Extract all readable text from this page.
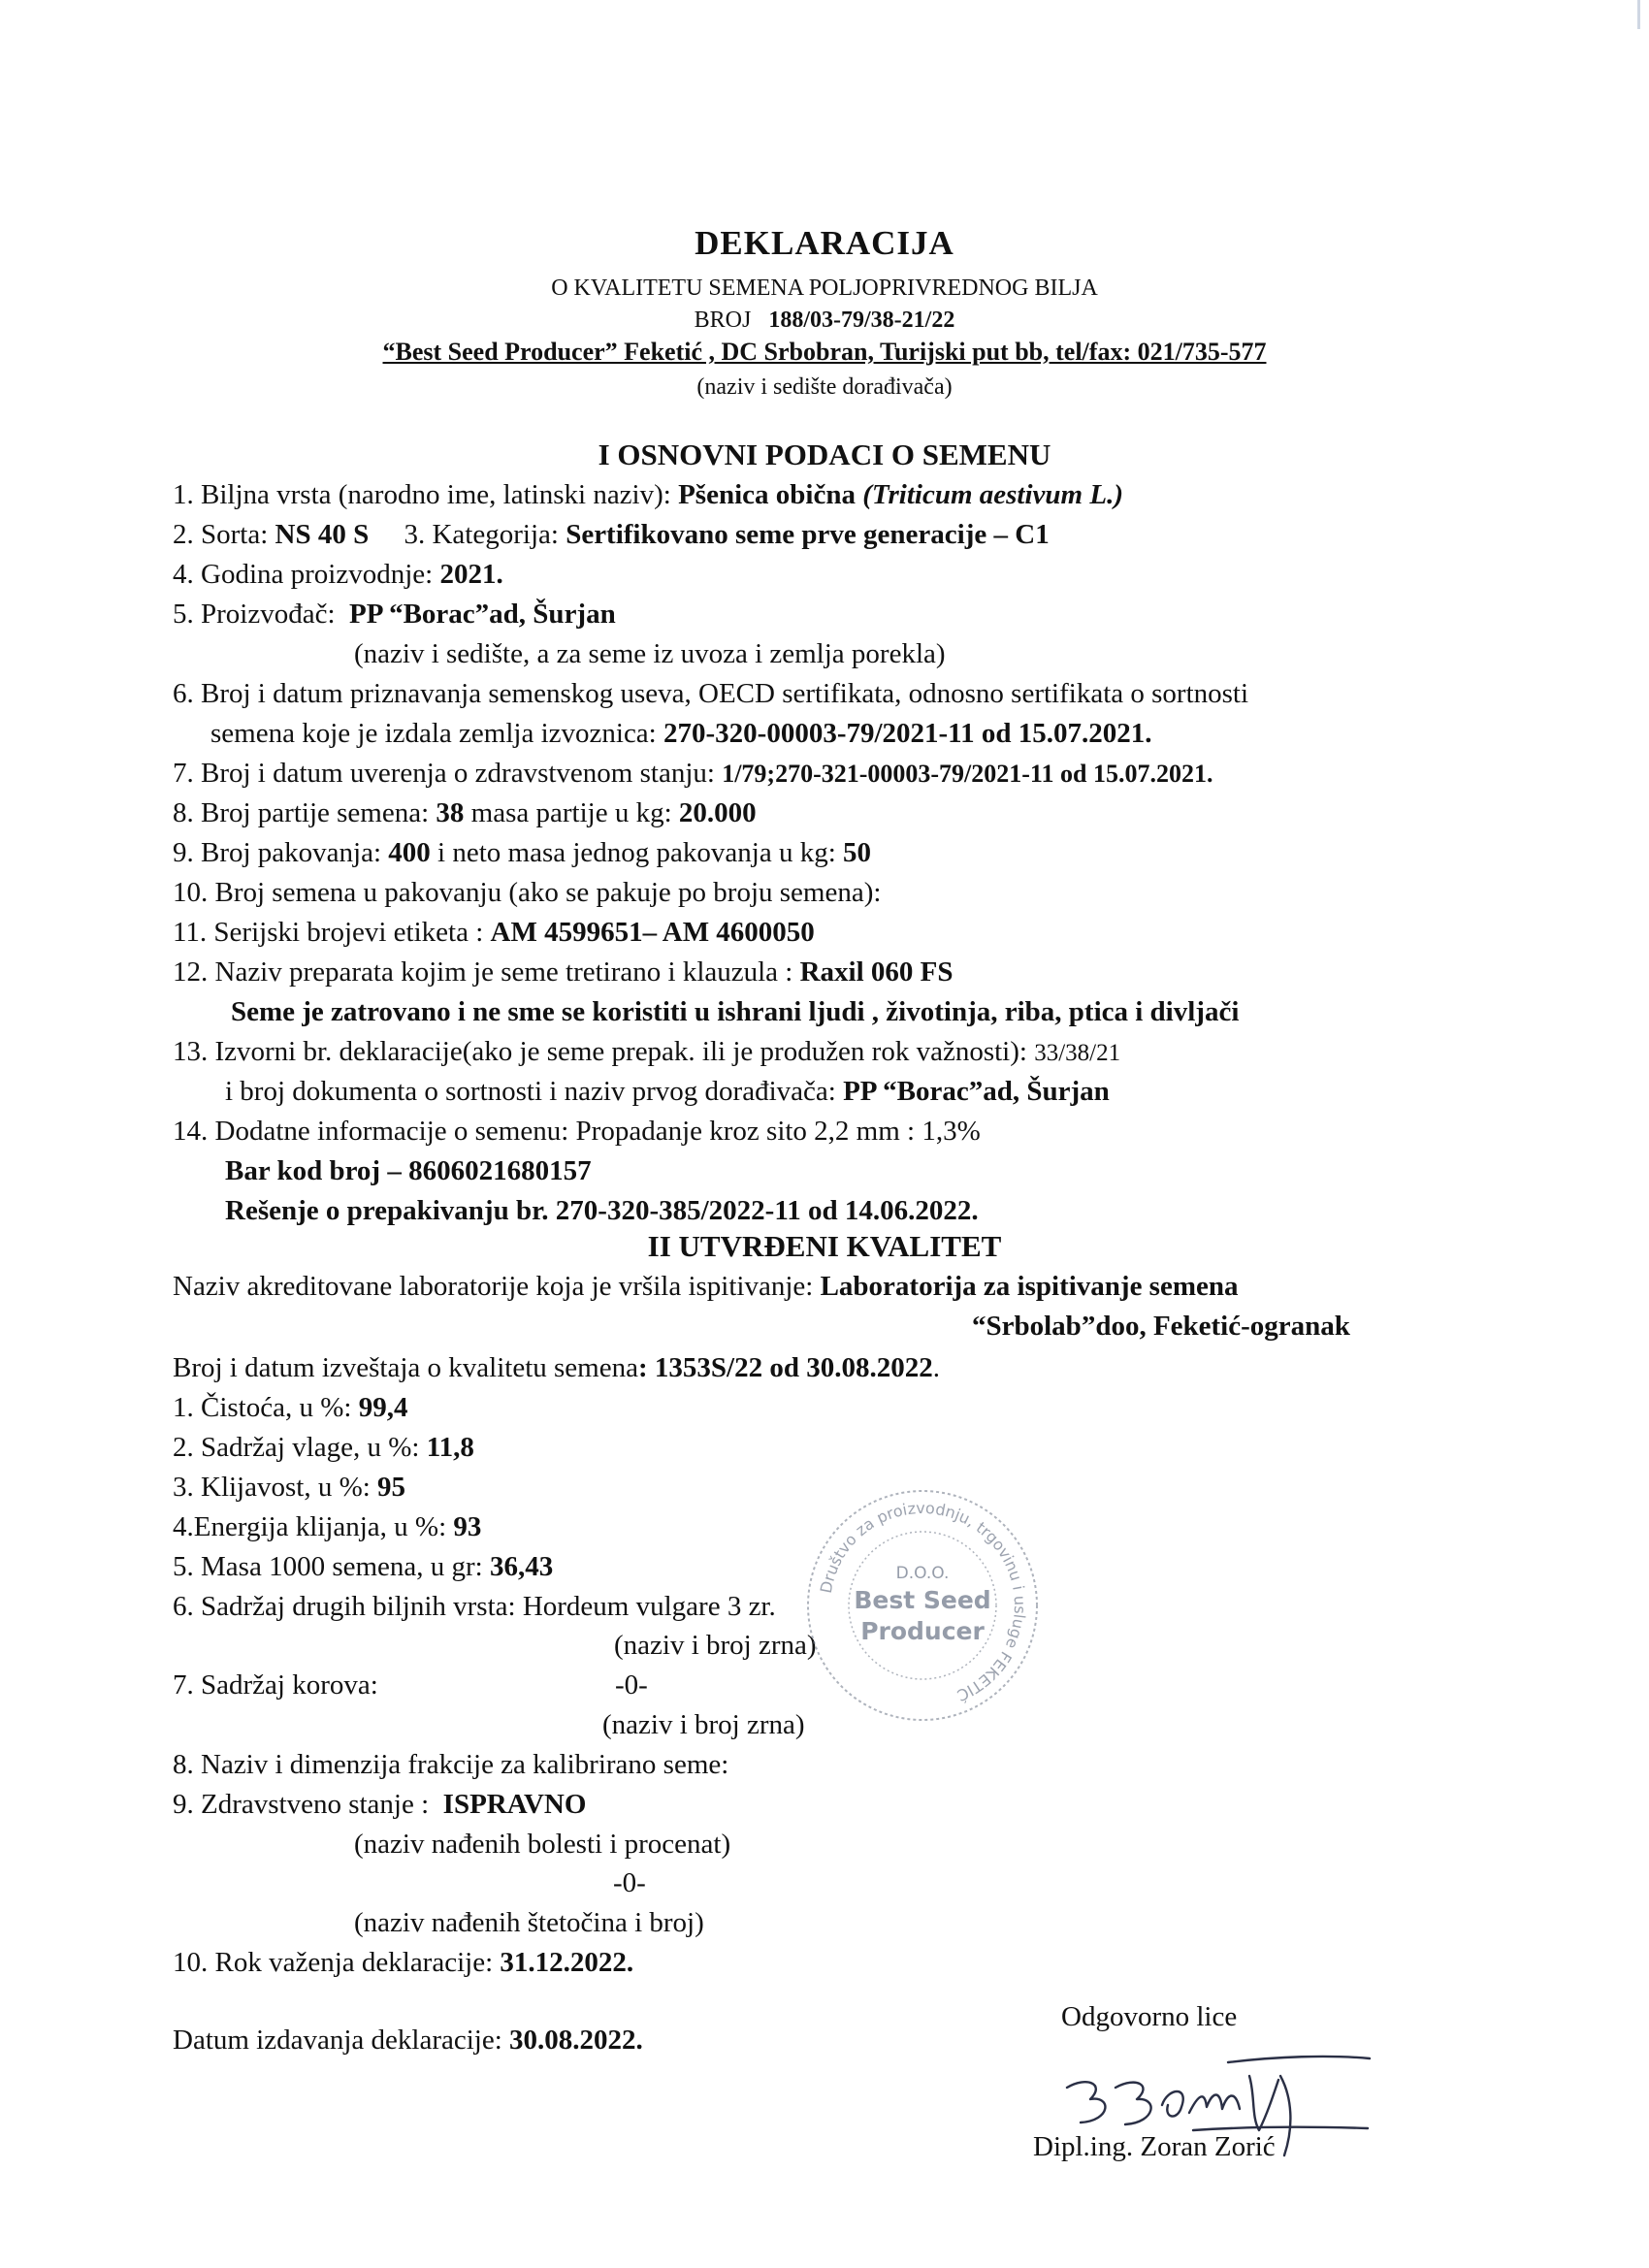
DEKLARACIJA
O KVALITETU SEMENA POLJOPRIVREDNOG BILJA
BROJ 188/03-79/38-21/22
“Best Seed Producer” Feketić , DC Srbobran, Turijski put bb, tel/fax: 021/735-577
(naziv i sedište dorađivača)
I OSNOVNI PODACI O SEMENU
1. Biljna vrsta (narodno ime, latinski naziv): Pšenica obična (Triticum aestivum L.)
2. Sorta: NS 40 S 3. Kategorija: Sertifikovano seme prve generacije – C1
4. Godina proizvodnje: 2021.
5. Proizvođač:  PP “Borac”ad, Šurjan
(naziv i sedište, a za seme iz uvoza i zemlja porekla)
6. Broj i datum priznavanja semenskog useva, OECD sertifikata, odnosno sertifikata o sortnosti
semena koje je izdala zemlja izvoznica: 270-320-00003-79/2021-11 od 15.07.2021.
7. Broj i datum uverenja o zdravstvenom stanju: 1/79;270-321-00003-79/2021-11 od 15.07.2021.
8. Broj partije semena: 38 masa partije u kg: 20.000
9. Broj pakovanja: 400 i neto masa jednog pakovanja u kg: 50
10. Broj semena u pakovanju (ako se pakuje po broju semena):
11. Serijski brojevi etiketa : AM 4599651– AM 4600050
12. Naziv preparata kojim je seme tretirano i klauzula : Raxil 060 FS
Seme je zatrovano i ne sme se koristiti u ishrani ljudi , životinja, riba, ptica i divljači
13. Izvorni br. deklaracije(ako je seme prepak. ili je produžen rok važnosti): 33/38/21
i broj dokumenta o sortnosti i naziv prvog dorađivača: PP “Borac”ad, Šurjan
14. Dodatne informacije o semenu: Propadanje kroz sito 2,2 mm : 1,3%
Bar kod broj – 8606021680157
Rešenje o prepakivanju br. 270-320-385/2022-11 od 14.06.2022.
II UTVRĐENI KVALITET
Naziv akreditovane laboratorije koja je vršila ispitivanje: Laboratorija za ispitivanje semena
“Srbolab”doo, Feketić-ogranak
Broj i datum izveštaja o kvalitetu semena: 1353S/22 od 30.08.2022.
1. Čistoća, u %: 99,4
2. Sadržaj vlage, u %: 11,8
3. Klijavost, u %: 95
4.Energija klijanja, u %: 93
5. Masa 1000 semena, u gr: 36,43
6. Sadržaj drugih biljnih vrsta: Hordeum vulgare 3 zr.
(naziv i broj zrna)
7. Sadržaj korova:	-0-
(naziv i broj zrna)
8. Naziv i dimenzija frakcije za kalibrirano seme:
9. Zdravstveno stanje :  ISPRAVNO
(naziv nađenih bolesti i procenat)
-0-
(naziv nađenih štetočina i broj)
10. Rok važenja deklaracije: 31.12.2022.
Datum izdavanja deklaracije: 30.08.2022.
Odgovorno lice
Dipl.ing. Zoran Zorić
Društvo za proizvodnju, trgovinu i usluge FEKETIĆ
D.O.O.
Best Seed
Producer
